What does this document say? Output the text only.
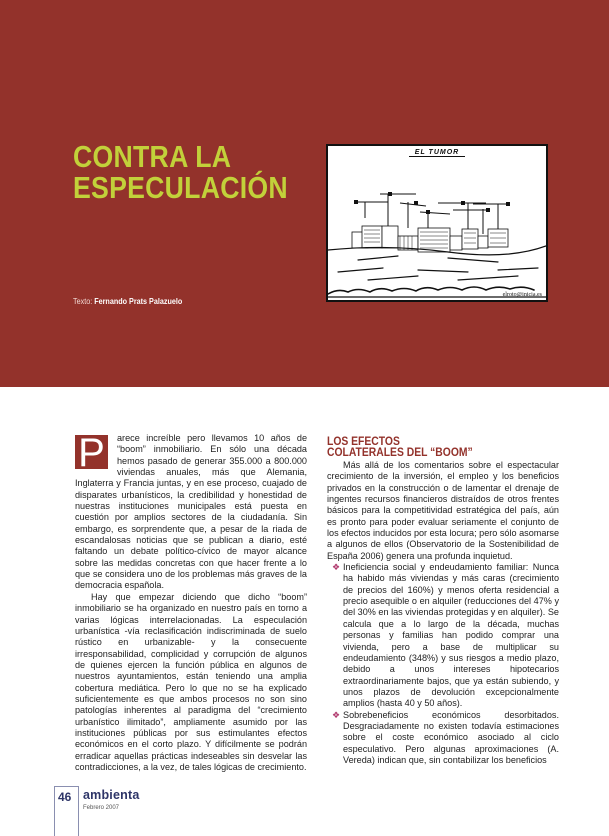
CONTRA LA
ESPECULACIÓN
Texto: Fernando Prats Palazuelo
EL TUMOR
elroto@inicia.es

P	arece increíble pero llevamos 10 años de “boom” inmobiliario. En sólo una década hemos pasado de generar 355.000 a 800.000 viviendas anuales, más que Alemania, Inglaterra y Francia juntas, y en ese proceso, cuajado de disparates urbanísticos, la credibilidad y honestidad de nuestras instituciones municipales está puesta en cuestión por amplios sectores de la ciudadanía. Sin embargo, es sorprendente que, a pesar de la riada de escandalosas noticias que se publican a diario, esté faltando un debate político-cívico de mayor alcance sobre las medidas concretas con que hacer frente a lo que se considera uno de los problemas más graves de la democracia española.

Hay que empezar diciendo que dicho “boom” inmobiliario se ha organizado en nuestro país en torno a varias lógicas interrelacionadas. La especulación urbanística -vía reclasificación indiscriminada de suelo rústico en urbanizable- y la consecuente irresponsabilidad, complicidad y corrupción de algunos de quienes ejercen la función pública en algunos de nuestros ayuntamientos, están teniendo una amplia cobertura mediática. Pero lo que no se ha explicado suficientemente es que ambos procesos no son sino patologías inherentes al paradigma del “crecimiento urbanístico ilimitado”, ampliamente asumido por las instituciones públicas por sus estimulantes efectos económicos en el corto plazo. Y difícilmente se podrán erradicar aquellas prácticas indeseables sin desvelar las contradicciones, a la vez, de tales lógicas de crecimiento.

LOS EFECTOS
COLATERALES DEL “BOOM”

Más allá de los comentarios sobre el espectacular crecimiento de la inversión, el empleo y los beneficios privados en la construcción o de lamentar el drenaje de ingentes recursos financieros distraídos de otros frentes básicos para la competitividad estratégica del país, aún es pronto para poder evaluar seriamente el conjunto de los efectos inducidos por esta locura; pero sólo asomarse a algunos de ellos (Observatorio de la Sostenibilidad de España 2006) genera una profunda inquietud.

❖ Ineficiencia social y endeudamiento familiar: Nunca ha habido más viviendas y más caras (crecimiento de precios del 160%) y menos oferta residencial a precio asequible o en alquiler (reducciones del 47% y del 30% en las viviendas protegidas y en alquiler). Se calcula que a lo largo de la década, muchas personas y familias han podido comprar una vivienda, pero a base de multiplicar su endeudamiento (348%) y sus riesgos a medio plazo, debido a unos intereses hipotecarios extraordinariamente bajos, que ya están subiendo, y unos plazos de devolución excepcionalmente amplios (hasta 40 y 50 años).
❖ Sobrebeneficios económicos desorbitados. Desgraciadamente no existen todavía estimaciones sobre el coste económico asociado al ciclo especulativo. Pero algunas aproximaciones (A. Vereda) indican que, sin contabilizar los beneficios
46 ambienta
Febrero 2007
